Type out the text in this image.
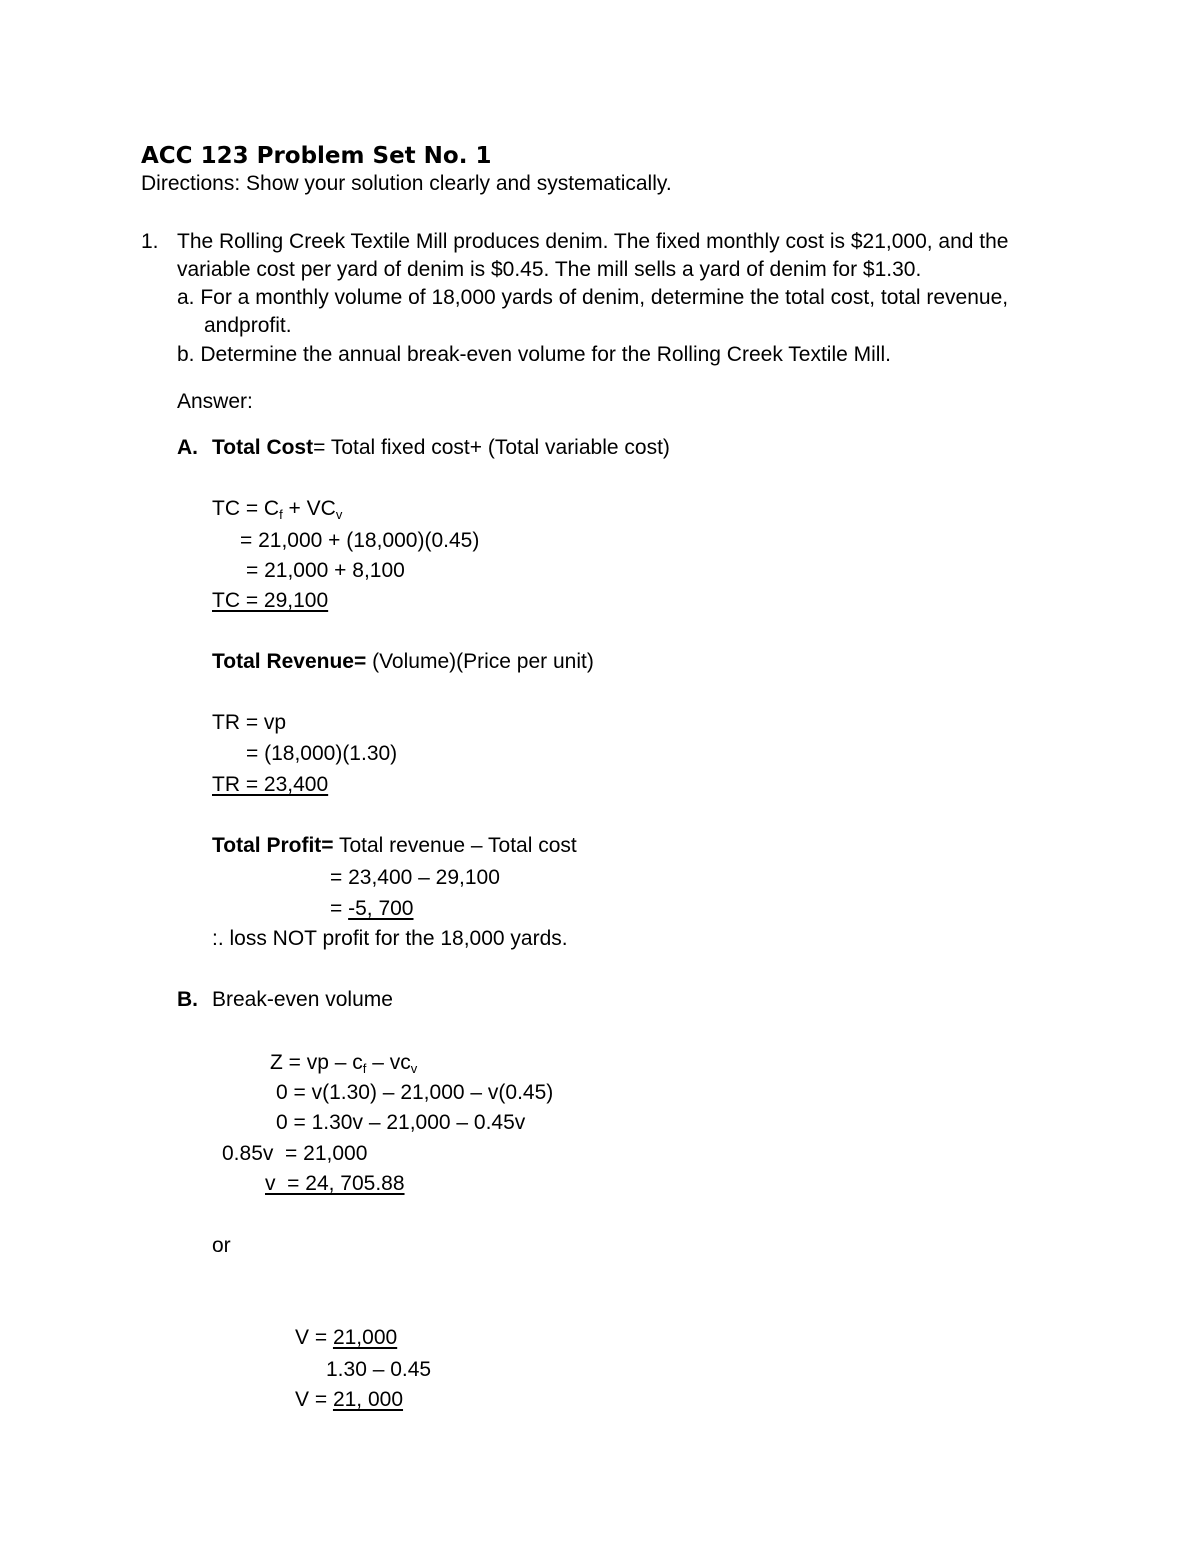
ACC 123 Problem Set No. 1
Directions: Show your solution clearly and systematically.
1. The Rolling Creek Textile Mill produces denim. The fixed monthly cost is $21,000, and the
variable cost per yard of denim is $0.45. The mill sells a yard of denim for $1.30.
a. For a monthly volume of 18,000 yards of denim, determine the total cost, total revenue,
andprofit.
b. Determine the annual break-even volume for the Rolling Creek Textile Mill.
Answer:
A. Total Cost= Total fixed cost+ (Total variable cost)
TC = $C_f + VC_v$
= 21,000 + (18,000)(0.45)
= 21,000 + 8,100
TC = 29,100
Total Revenue= (Volume)(Price per unit)
TR = vp
= (18,000)(1.30)
TR = 23,400
Total Profit= Total revenue – Total cost
= 23,400 – 29,100
= -5, 700
:. loss NOT profit for the 18,000 yards.
B. Break-even volume
Z = vp – $c_f - vc_v$
0 = v(1.30) – 21,000 – v(0.45)
0 = 1.30v – 21,000 – 0.45v
0.85v  = 21,000
v  = 24, 705.88
or
V = 21,000
1.30 – 0.45
V = 21, 000
